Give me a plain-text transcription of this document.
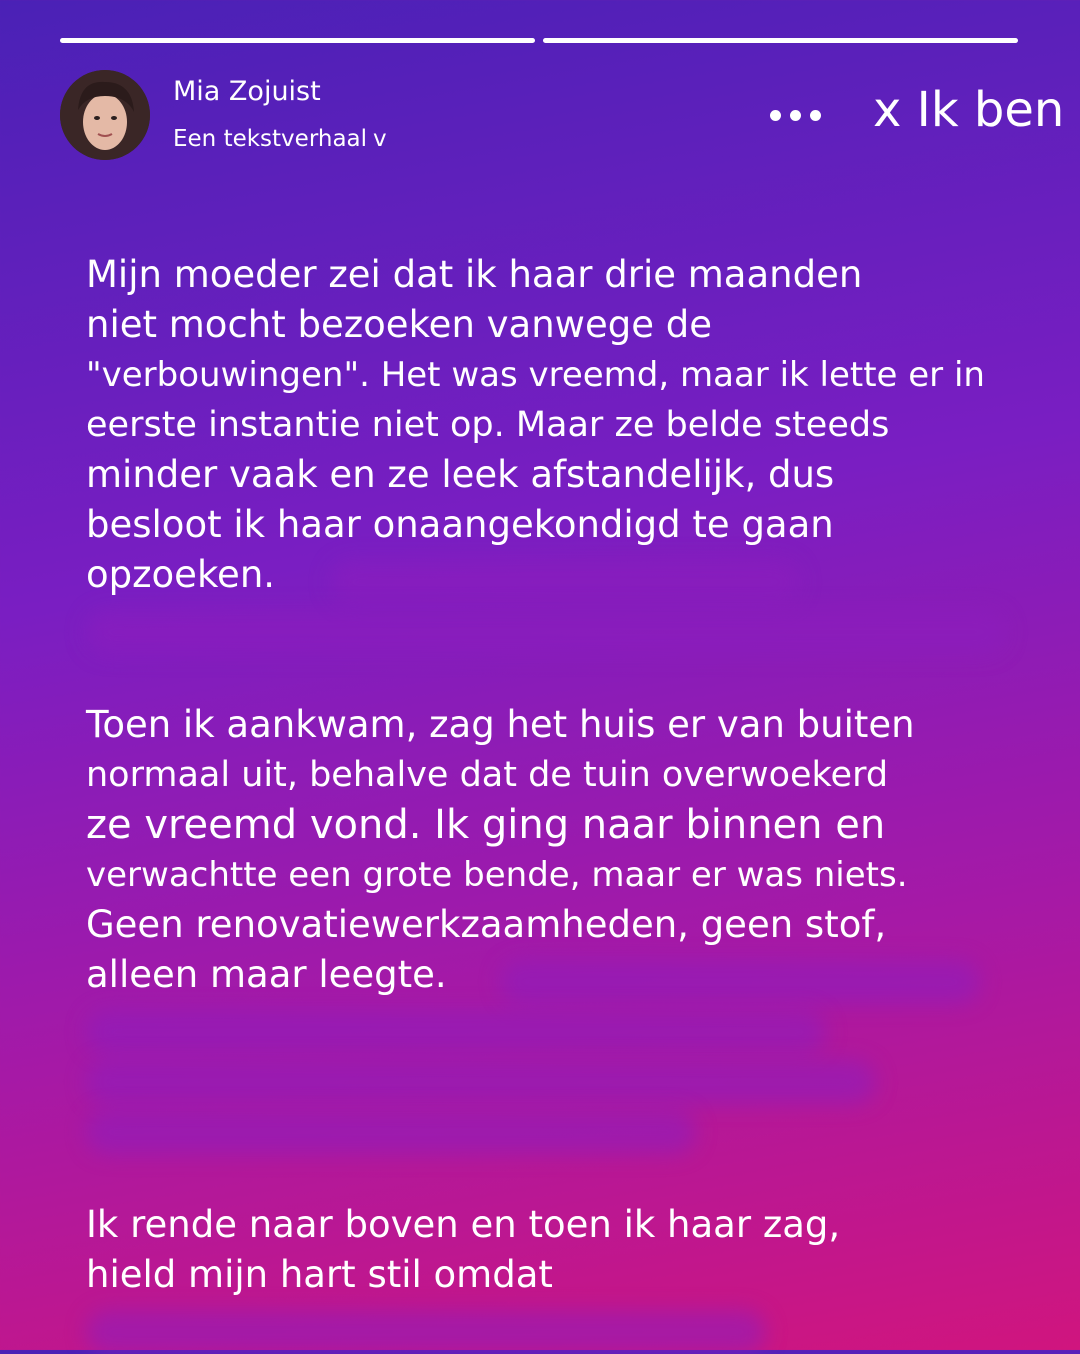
Mia Zojuist
Een tekstverhaal v
x Ik ben

Mijn moeder zei dat ik haar drie maanden

niet mocht bezoeken vanwege de

"verbouwingen". Het was vreemd, maar ik lette er in

eerste instantie niet op. Maar ze belde steeds

minder vaak en ze leek afstandelijk, dus

besloot ik haar onaangekondigd te gaan

opzoeken.

Toen ik aankwam, zag het huis er van buiten

normaal uit, behalve dat de tuin overwoekerd

ze vreemd vond. Ik ging naar binnen en

verwachtte een grote bende, maar er was niets.

Geen renovatiewerkzaamheden, geen stof,

alleen maar leegte.

Ik rende naar boven en toen ik haar zag,

hield mijn hart stil omdat
